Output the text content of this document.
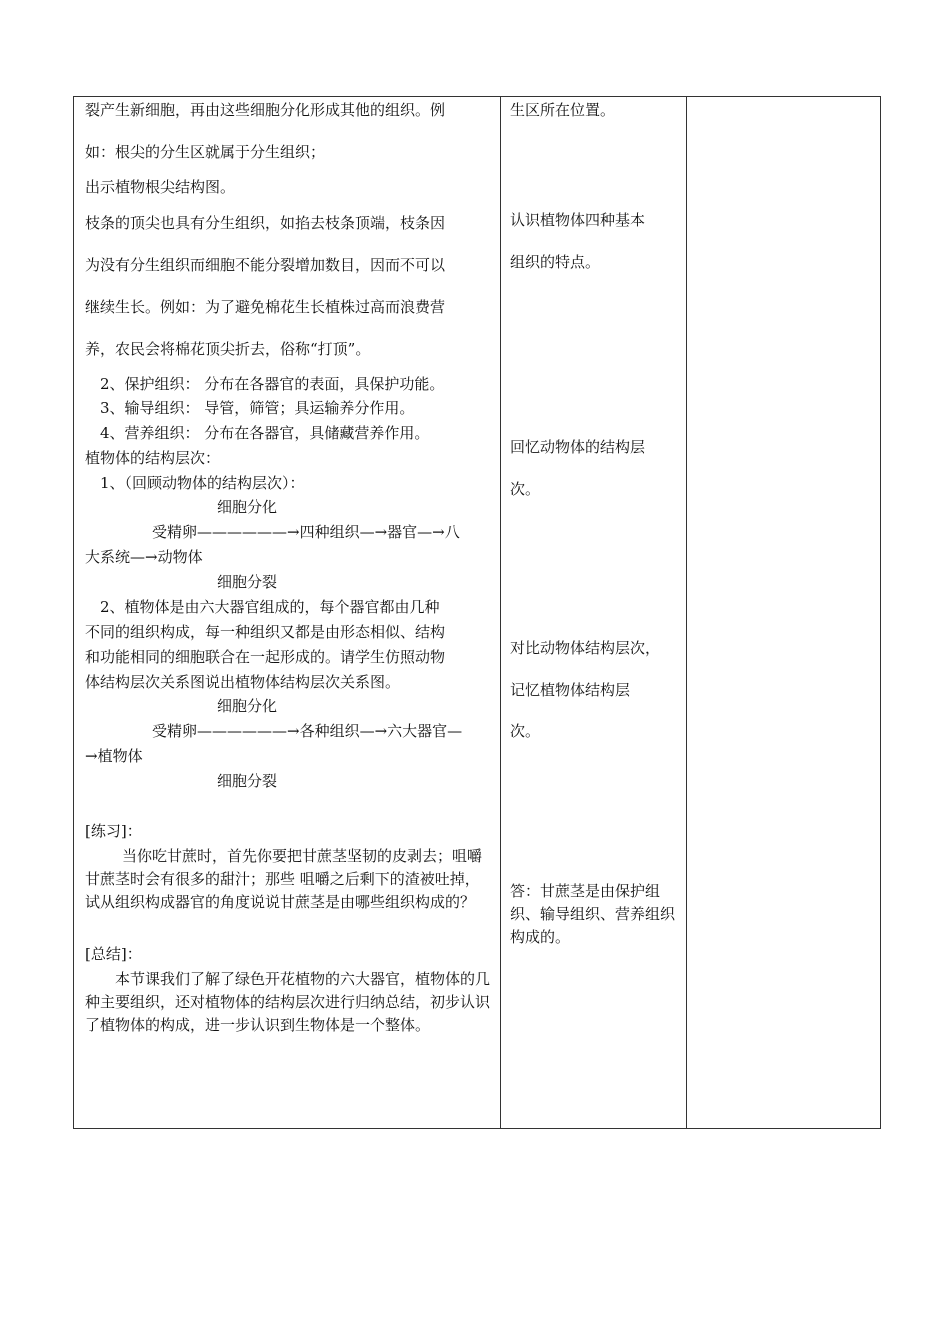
裂产生新细胞，再由这些细胞分化形成其他的组织。例
如：根尖的分生区就属于分生组织；
出示植物根尖结构图。
枝条的顶尖也具有分生组织，如掐去枝条顶端，枝条因
为没有分生组织而细胞不能分裂增加数目，因而不可以
继续生长。例如：为了避免棉花生长植株过高而浪费营
养，农民会将棉花顶尖折去，俗称“打顶”。
2、保护组织： 分布在各器官的表面，具保护功能。
3、输导组织： 导管，筛管；具运输养分作用。
4、营养组织： 分布在各器官，具储藏营养作用。
植物体的结构层次：
1、（回顾动物体的结构层次）：
细胞分化
受精卵——————→四种组织—→器官—→八
大系统—→动物体
细胞分裂
2、植物体是由六大器官组成的，每个器官都由几种
不同的组织构成，每一种组织又都是由形态相似、结构
和功能相同的细胞联合在一起形成的。请学生仿照动物
体结构层次关系图说出植物体结构层次关系图。
细胞分化
受精卵——————→各种组织—→六大器官—
→植物体
细胞分裂
[练习]：
当你吃甘蔗时，首先你要把甘蔗茎坚韧的皮剥去；咀嚼甘蔗茎时会有很多的甜汁；那些 咀嚼之后剩下的渣被吐掉，试从组织构成器官的角度说说甘蔗茎是由哪些组织构成的？
[总结]：
本节课我们了解了绿色开花植物的六大器官，植物体的几种主要组织，还对植物体的结构层次进行归纳总结，初步认识了植物体的构成，进一步认识到生物体是一个整体。
生区所在位置。
认识植物体四种基本
组织的特点。
回忆动物体的结构层
次。
对比动物体结构层次，
记忆植物体结构层
次。
答：甘蔗茎是由保护组织、输导组织、营养组织构成的。
